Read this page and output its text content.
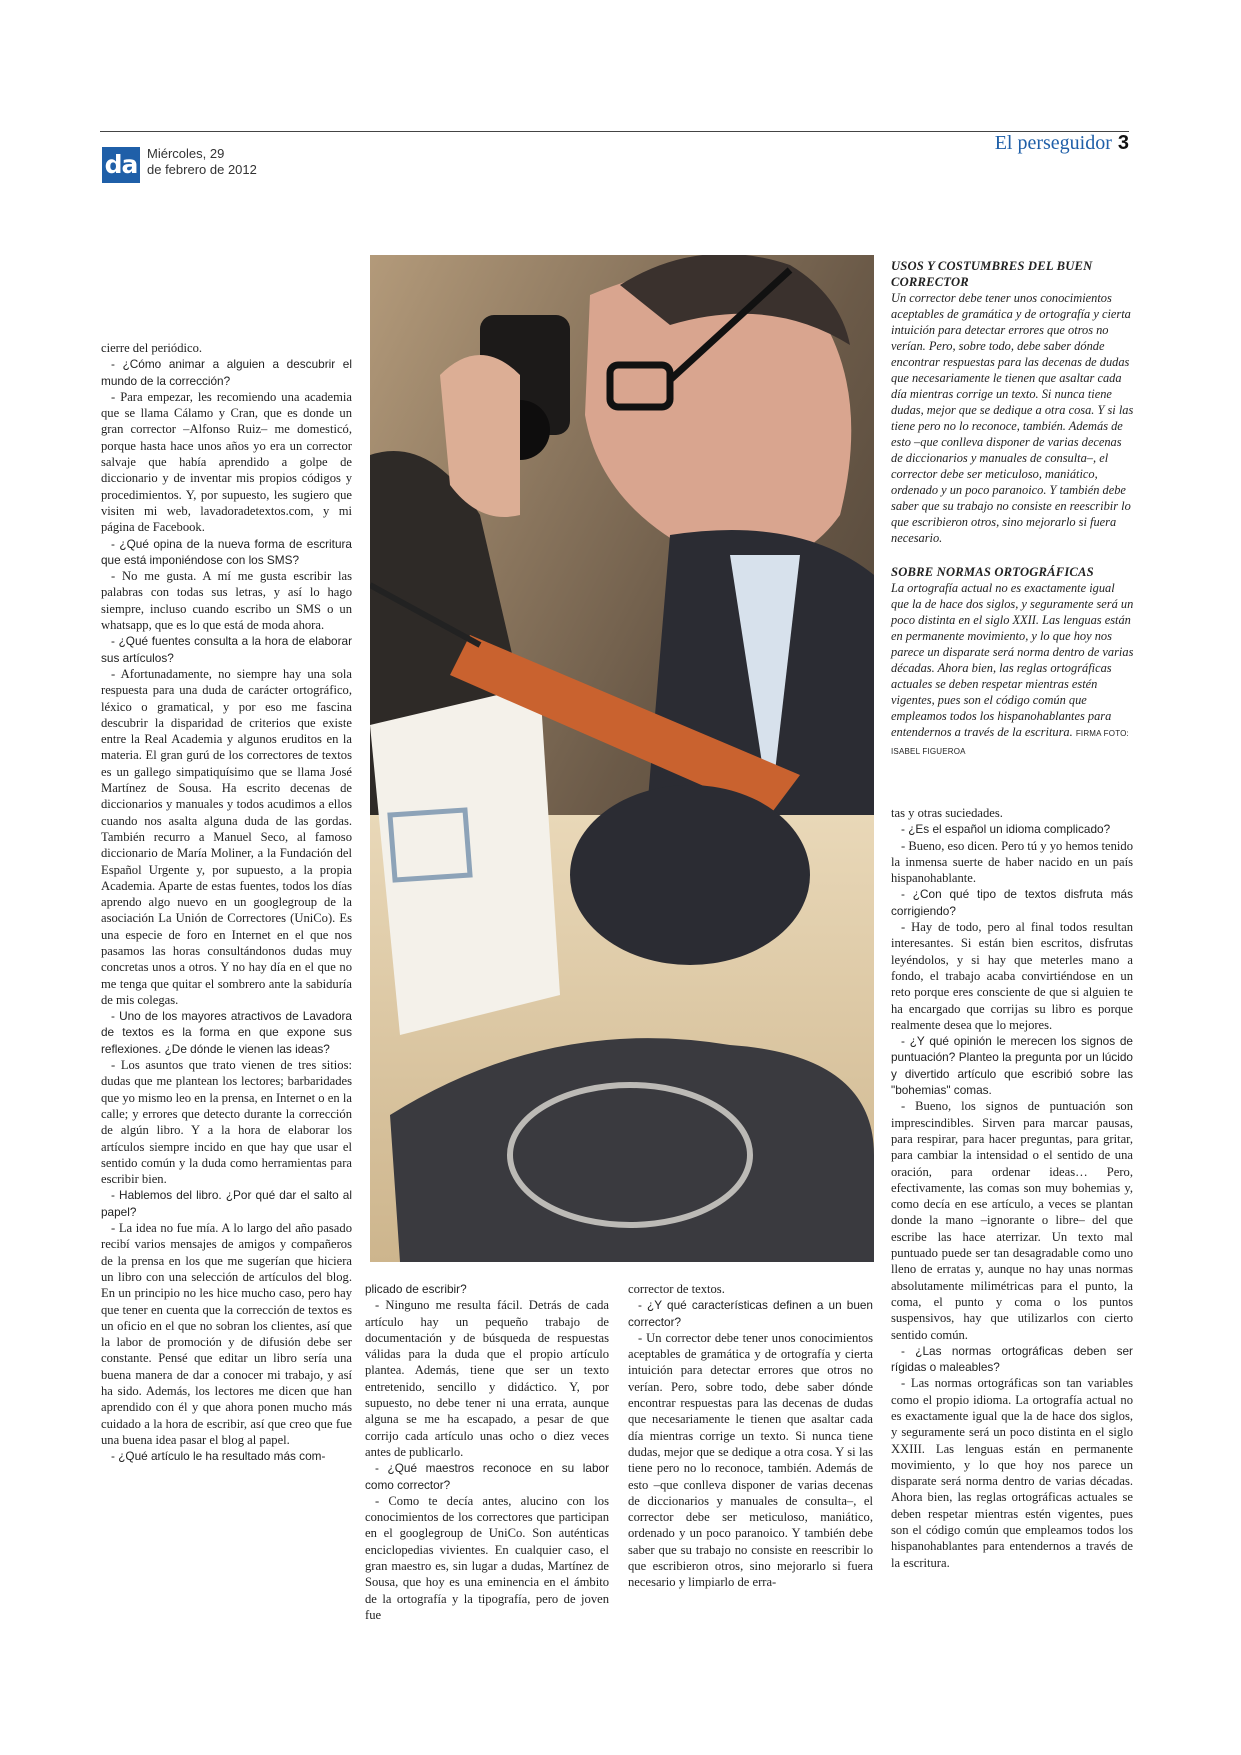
da Miércoles, 29
de febrero de 2012
El perseguidor 3

cierre del periódico.

- ¿Cómo animar a alguien a descubrir el mundo de la corrección?

- Para empezar, les recomiendo una academia que se llama Cálamo y Cran, que es donde un gran corrector –Alfonso Ruiz– me domesticó, porque hasta hace unos años yo era un corrector salvaje que había aprendido a golpe de diccionario y de inventar mis propios códigos y procedimientos. Y, por supuesto, les sugiero que visiten mi web, lavadoradetextos.com, y mi página de Facebook.

- ¿Qué opina de la nueva forma de escritura que está imponiéndose con los SMS?

- No me gusta. A mí me gusta escribir las palabras con todas sus letras, y así lo hago siempre, incluso cuando escribo un SMS o un whatsapp, que es lo que está de moda ahora.

- ¿Qué fuentes consulta a la hora de elaborar sus artículos?

- Afortunadamente, no siempre hay una sola respuesta para una duda de carácter ortográfico, léxico o gramatical, y por eso me fascina descubrir la disparidad de criterios que existe entre la Real Academia y algunos eruditos en la materia. El gran gurú de los correctores de textos es un gallego simpatiquísimo que se llama José Martínez de Sousa. Ha escrito decenas de diccionarios y manuales y todos acudimos a ellos cuando nos asalta alguna duda de las gordas. También recurro a Manuel Seco, al famoso diccionario de María Moliner, a la Fundación del Español Urgente y, por supuesto, a la propia Academia. Aparte de estas fuentes, todos los días aprendo algo nuevo en un googlegroup de la asociación La Unión de Correctores (UniCo). Es una especie de foro en Internet en el que nos pasamos las horas consultándonos dudas muy concretas unos a otros. Y no hay día en el que no me tenga que quitar el sombrero ante la sabiduría de mis colegas.

- Uno de los mayores atractivos de Lavadora de textos es la forma en que expone sus reflexiones. ¿De dónde le vienen las ideas?

- Los asuntos que trato vienen de tres sitios: dudas que me plantean los lectores; barbaridades que yo mismo leo en la prensa, en Internet o en la calle; y errores que detecto durante la corrección de algún libro. Y a la hora de elaborar los artículos siempre incido en que hay que usar el sentido común y la duda como herramientas para escribir bien.

- Hablemos del libro. ¿Por qué dar el salto al papel?

- La idea no fue mía. A lo largo del año pasado recibí varios mensajes de amigos y compañeros de la prensa en los que me sugerían que hiciera un libro con una selección de artículos del blog. En un principio no les hice mucho caso, pero hay que tener en cuenta que la corrección de textos es un oficio en el que no sobran los clientes, así que la labor de promoción y de difusión debe ser constante. Pensé que editar un libro sería una buena manera de dar a conocer mi trabajo, y así ha sido. Además, los lectores me dicen que han aprendido con él y que ahora ponen mucho más cuidado a la hora de escribir, así que creo que fue una buena idea pasar el blog al papel.

- ¿Qué artículo le ha resultado más com-

plicado de escribir?

- Ninguno me resulta fácil. Detrás de cada artículo hay un pequeño trabajo de documentación y de búsqueda de respuestas válidas para la duda que el propio artículo plantea. Además, tiene que ser un texto entretenido, sencillo y didáctico. Y, por supuesto, no debe tener ni una errata, aunque alguna se me ha escapado, a pesar de que corrijo cada artículo unas ocho o diez veces antes de publicarlo.

- ¿Qué maestros reconoce en su labor como corrector?

- Como te decía antes, alucino con los conocimientos de los correctores que participan en el googlegroup de UniCo. Son auténticas enciclopedias vivientes. En cualquier caso, el gran maestro es, sin lugar a dudas, Martínez de Sousa, que hoy es una eminencia en el ámbito de la ortografía y la tipografía, pero de joven fue

corrector de textos.

- ¿Y qué características definen a un buen corrector?

- Un corrector debe tener unos conocimientos aceptables de gramática y de ortografía y cierta intuición para detectar errores que otros no verían. Pero, sobre todo, debe saber dónde encontrar respuestas para las decenas de dudas que necesariamente le tienen que asaltar cada día mientras corrige un texto. Si nunca tiene dudas, mejor que se dedique a otra cosa. Y si las tiene pero no lo reconoce, también. Además de esto –que conlleva disponer de varias decenas de diccionarios y manuales de consulta–, el corrector debe ser meticuloso, maniático, ordenado y un poco paranoico. Y también debe saber que su trabajo no consiste en reescribir lo que escribieron otros, sino mejorarlo si fuera necesario y limpiarlo de erra-

USOS Y COSTUMBRES DEL BUEN CORRECTOR

Un corrector debe tener unos conocimientos aceptables de gramática y de ortografía y cierta intuición para detectar errores que otros no verían. Pero, sobre todo, debe saber dónde encontrar respuestas para las decenas de dudas que necesariamente le tienen que asaltar cada día mientras corrige un texto. Si nunca tiene dudas, mejor que se dedique a otra cosa. Y si las tiene pero no lo reconoce, también. Además de esto –que conlleva disponer de varias decenas de diccionarios y manuales de consulta–, el corrector debe ser meticuloso, maniático, ordenado y un poco paranoico. Y también debe saber que su trabajo no consiste en reescribir lo que escribieron otros, sino mejorarlo si fuera necesario.

SOBRE NORMAS ORTOGRÁFICAS

La ortografía actual no es exactamente igual que la de hace dos siglos, y seguramente será un poco distinta en el siglo XXII. Las lenguas están en permanente movimiento, y lo que hoy nos parece un disparate será norma dentro de varias décadas. Ahora bien, las reglas ortográficas actuales se deben respetar mientras estén vigentes, pues son el código común que empleamos todos los hispanohablantes para entendernos a través de la escritura. FIRMA FOTO: ISABEL FIGUEROA

tas y otras suciedades.

- ¿Es el español un idioma complicado?

- Bueno, eso dicen. Pero tú y yo hemos tenido la inmensa suerte de haber nacido en un país hispanohablante.

- ¿Con qué tipo de textos disfruta más corrigiendo?

- Hay de todo, pero al final todos resultan interesantes. Si están bien escritos, disfrutas leyéndolos, y si hay que meterles mano a fondo, el trabajo acaba convirtiéndose en un reto porque eres consciente de que si alguien te ha encargado que corrijas su libro es porque realmente desea que lo mejores.

- ¿Y qué opinión le merecen los signos de puntuación? Planteo la pregunta por un lúcido y divertido artículo que escribió sobre las "bohemias" comas.

- Bueno, los signos de puntuación son imprescindibles. Sirven para marcar pausas, para respirar, para hacer preguntas, para gritar, para cambiar la intensidad o el sentido de una oración, para ordenar ideas… Pero, efectivamente, las comas son muy bohemias y, como decía en ese artículo, a veces se plantan donde la mano –ignorante o libre– del que escribe las hace aterrizar. Un texto mal puntuado puede ser tan desagradable como uno lleno de erratas y, aunque no hay unas normas absolutamente milimétricas para el punto, la coma, el punto y coma o los puntos suspensivos, hay que utilizarlos con cierto sentido común.

- ¿Las normas ortográficas deben ser rígidas o maleables?

- Las normas ortográficas son tan variables como el propio idioma. La ortografía actual no es exactamente igual que la de hace dos siglos, y seguramente será un poco distinta en el siglo XXIII. Las lenguas están en permanente movimiento, y lo que hoy nos parece un disparate será norma dentro de varias décadas. Ahora bien, las reglas ortográficas actuales se deben respetar mientras estén vigentes, pues son el código común que empleamos todos los hispanohablantes para entendernos a través de la escritura.
